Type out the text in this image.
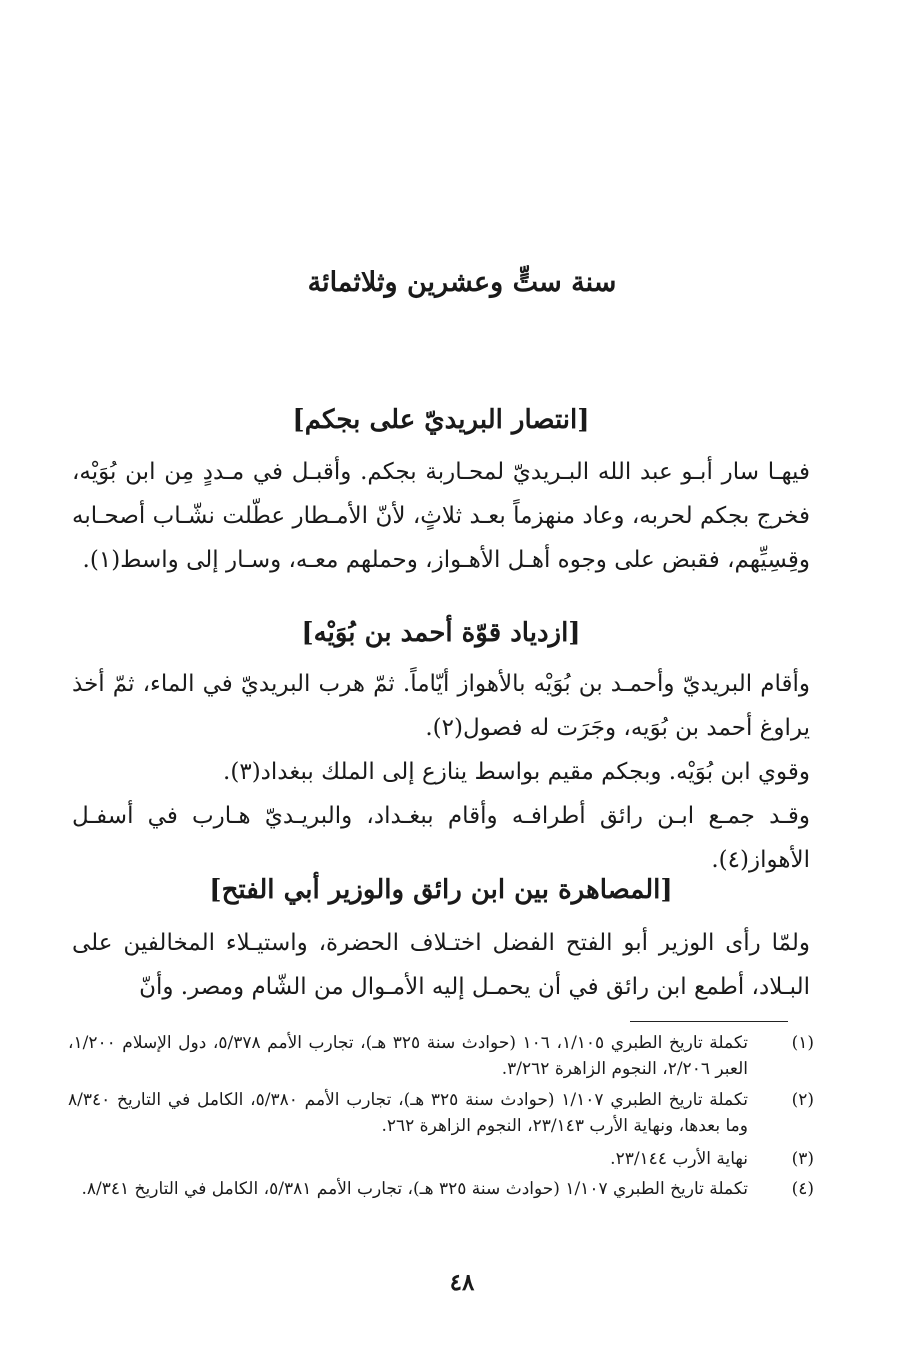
سنة ستٍّ وعشرين وثلاثمائة
[انتصار البريديّ على بجكم]
فيهـا سار أبـو عبد الله البـريديّ لمحـاربة بجكم. وأقبـل في مـددٍ مِن ابن بُوَيْه، فخرج بجكم لحربه، وعاد منهزماً بعـد ثلاثٍ، لأنّ الأمـطار عطّلت نشّـاب أصحـابه وقِسِيِّهم، فقبض على وجوه أهـل الأهـواز، وحملهم معـه، وسـار إلى واسط(١).
[ازدياد قوّة أحمد بن بُوَيْه]
وأقام البريديّ وأحمـد بن بُوَيْه بالأهواز أيّاماً. ثمّ هرب البريديّ في الماء، ثمّ أخذ يراوغ أحمد بن بُوَيه، وجَرَت له فصول(٢).
وقوي ابن بُوَيْه. وبجكم مقيم بواسط ينازع إلى الملك ببغداد(٣).
وقـد جمـع ابـن رائق أطرافـه وأقام ببغـداد، والبريـديّ هـارب في أسفـل الأهواز(٤).
[المصاهرة بين ابن رائق والوزير أبي الفتح]
ولمّا رأى الوزير أبو الفتح الفضل اختـلاف الحضرة، واستيـلاء المخالفين على البـلاد، أطمع ابن رائق في أن يحمـل إليه الأمـوال من الشّام ومصر. وأنّ
(١)
تكملة تاريخ الطبري ١/١٠٥، ١٠٦ (حوادث سنة ٣٢٥ هـ)، تجارب الأمم ٥/٣٧٨، دول الإسلام ١/٢٠٠، العبر ٢/٢٠٦، النجوم الزاهرة ٣/٢٦٢.
(٢)
تكملة تاريخ الطبري ١/١٠٧ (حوادث سنة ٣٢٥ هـ)، تجارب الأمم ٥/٣٨٠، الكامل في التاريخ ٨/٣٤٠ وما بعدها، ونهاية الأرب ٢٣/١٤٣، النجوم الزاهرة ٢٦٢.
(٣)
نهاية الأرب ٢٣/١٤٤.
(٤)
تكملة تاريخ الطبري ١/١٠٧ (حوادث سنة ٣٢٥ هـ)، تجارب الأمم ٥/٣٨١، الكامل في التاريخ ٨/٣٤١.
٤٨
